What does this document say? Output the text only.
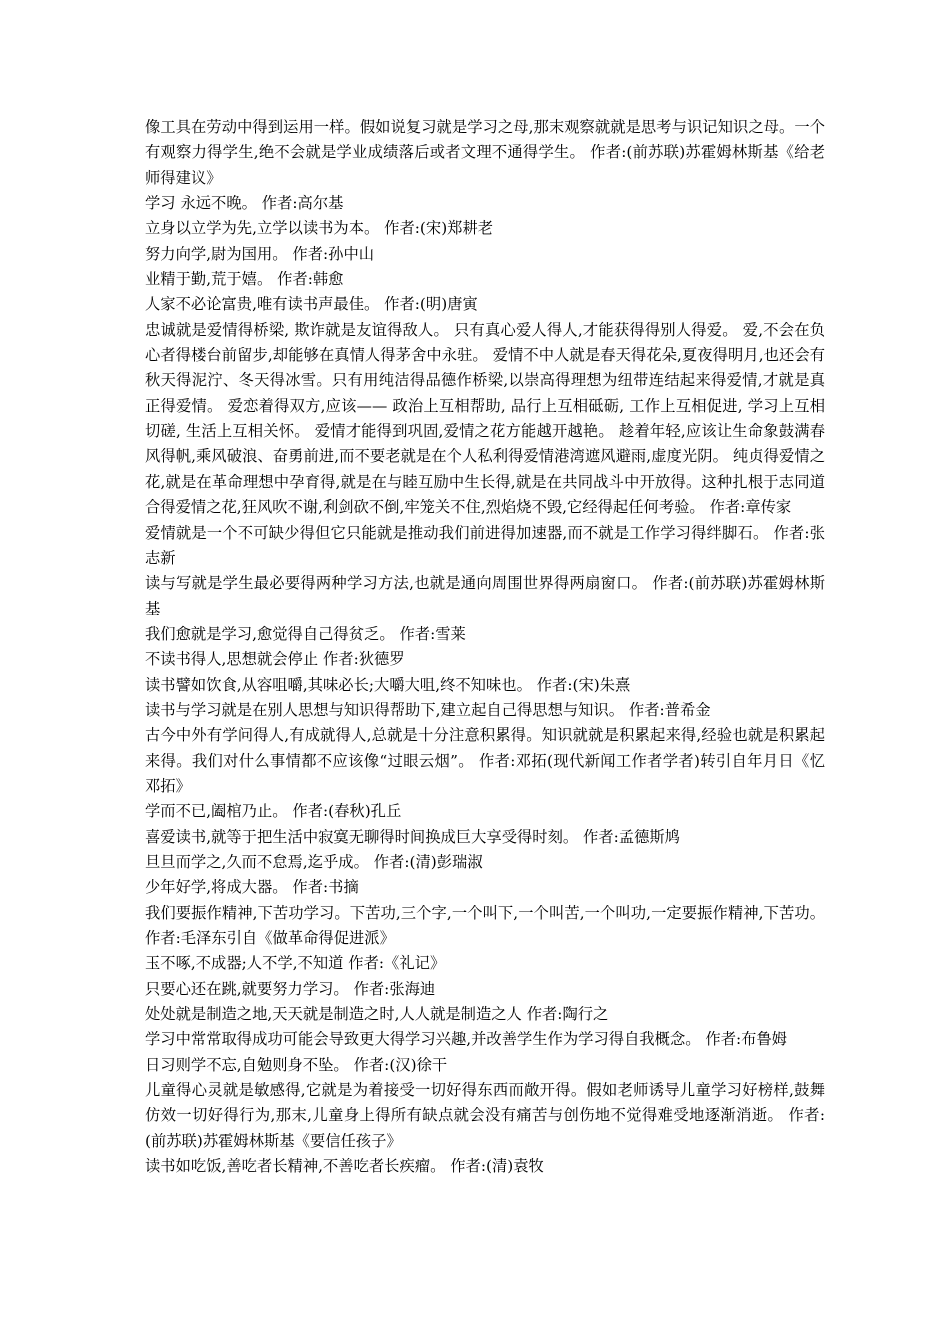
像工具在劳动中得到运用一样。假如说复习就是学习之母,那末观察就就是思考与识记知识之母。一个有观察力得学生,绝不会就是学业成绩落后或者文理不通得学生。 作者:(前苏联)苏霍姆林斯基《给老师得建议》

学习 永远不晚。 作者:高尔基

立身以立学为先,立学以读书为本。 作者:(宋)郑耕老

努力向学,尉为国用。 作者:孙中山

业精于勤,荒于嬉。 作者:韩愈

人家不必论富贵,唯有读书声最佳。 作者:(明)唐寅

忠诚就是爱情得桥梁, 欺诈就是友谊得敌人。 只有真心爱人得人,才能获得得别人得爱。 爱,不会在负心者得楼台前留步,却能够在真情人得茅舍中永驻。 爱情不中人就是春天得花朵,夏夜得明月,也还会有秋天得泥泞、冬天得冰雪。只有用纯洁得品德作桥梁,以崇高得理想为纽带连结起来得爱情,才就是真正得爱情。 爱恋着得双方,应该—— 政治上互相帮助, 品行上互相砥砺, 工作上互相促进, 学习上互相切磋, 生活上互相关怀。 爱情才能得到巩固,爱情之花方能越开越艳。 趁着年轻,应该让生命象鼓满春风得帆,乘风破浪、奋勇前进,而不要老就是在个人私利得爱情港湾遮风避雨,虚度光阴。 纯贞得爱情之花,就是在革命理想中孕育得,就是在与睦互励中生长得,就是在共同战斗中开放得。这种扎根于志同道合得爱情之花,狂风吹不谢,利剑砍不倒,牢笼关不住,烈焰烧不毁,它经得起任何考验。 作者:章传家

爱情就是一个不可缺少得但它只能就是推动我们前进得加速器,而不就是工作学习得绊脚石。 作者:张志新

读与写就是学生最必要得两种学习方法,也就是通向周围世界得两扇窗口。 作者:(前苏联)苏霍姆林斯基

我们愈就是学习,愈觉得自己得贫乏。 作者:雪莱

不读书得人,思想就会停止 作者:狄德罗

读书譬如饮食,从容咀嚼,其味必长;大嚼大咀,终不知味也。 作者:(宋)朱熹

读书与学习就是在别人思想与知识得帮助下,建立起自己得思想与知识。 作者:普希金

古今中外有学问得人,有成就得人,总就是十分注意积累得。知识就就是积累起来得,经验也就是积累起来得。我们对什么事情都不应该像“过眼云烟”。 作者:邓拓(现代新闻工作者学者)转引自年月日《忆邓拓》

学而不已,阖棺乃止。 作者:(春秋)孔丘

喜爱读书,就等于把生活中寂寞无聊得时间换成巨大享受得时刻。 作者:孟德斯鸠

旦旦而学之,久而不怠焉,迄乎成。 作者:(清)彭瑞淑

少年好学,将成大器。 作者:书摘

我们要振作精神,下苦功学习。下苦功,三个字,一个叫下,一个叫苦,一个叫功,一定要振作精神,下苦功。 作者:毛泽东引自《做革命得促进派》

玉不啄,不成器;人不学,不知道 作者:《礼记》

只要心还在跳,就要努力学习。 作者:张海迪

处处就是制造之地,天天就是制造之时,人人就是制造之人 作者:陶行之

学习中常常取得成功可能会导致更大得学习兴趣,并改善学生作为学习得自我概念。 作者:布鲁姆

日习则学不忘,自勉则身不坠。 作者:(汉)徐干

儿童得心灵就是敏感得,它就是为着接受一切好得东西而敞开得。假如老师诱导儿童学习好榜样,鼓舞仿效一切好得行为,那末,儿童身上得所有缺点就会没有痛苦与创伤地不觉得难受地逐渐消逝。 作者:(前苏联)苏霍姆林斯基《要信任孩子》

读书如吃饭,善吃者长精神,不善吃者长疾瘤。 作者:(清)袁牧
